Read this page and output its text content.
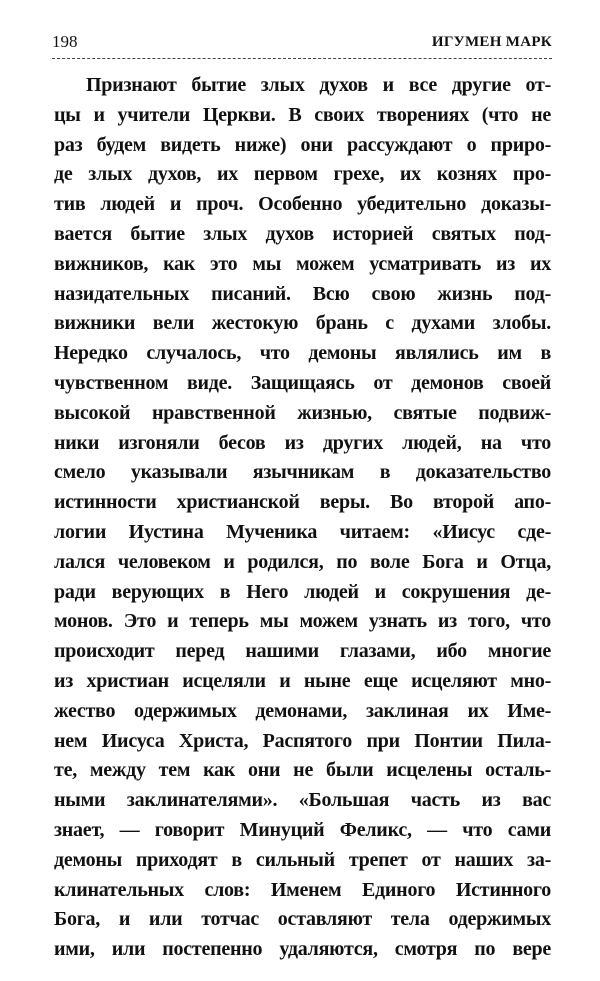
198	ИГУМЕН МАРК
Признают бытие злых духов и все другие от-
цы и учители Церкви. В своих творениях (что не
раз будем видеть ниже) они рассуждают о приро-
де злых духов, их первом грехе, их кознях про-
тив людей и проч. Особенно убедительно доказы-
вается бытие злых духов историей святых под-
вижников, как это мы можем усматривать из их
назидательных писаний. Всю свою жизнь под-
вижники вели жестокую брань с духами злобы.
Нередко случалось, что демоны являлись им в
чувственном виде. Защищаясь от демонов своей
высокой нравственной жизнью, святые подвиж-
ники изгоняли бесов из других людей, на что
смело указывали язычникам в доказательство
истинности христианской веры. Во второй апо-
логии Иустина Мученика читаем: «Иисус сде-
лался человеком и родился, по воле Бога и Отца,
ради верующих в Него людей и сокрушения де-
монов. Это и теперь мы можем узнать из того, что
происходит перед нашими глазами, ибо многие
из христиан исцеляли и ныне еще исцеляют мно-
жество одержимых демонами, заклиная их Име-
нем Иисуса Христа, Распятого при Понтии Пила-
те, между тем как они не были исцелены осталь-
ными заклинателями». «Большая часть из вас
знает, — говорит Минуций Феликс, — что сами
демоны приходят в сильный трепет от наших за-
клинательных слов: Именем Единого Истинного
Бога, и или тотчас оставляют тела одержимых
ими, или постепенно удаляются, смотря по вере
